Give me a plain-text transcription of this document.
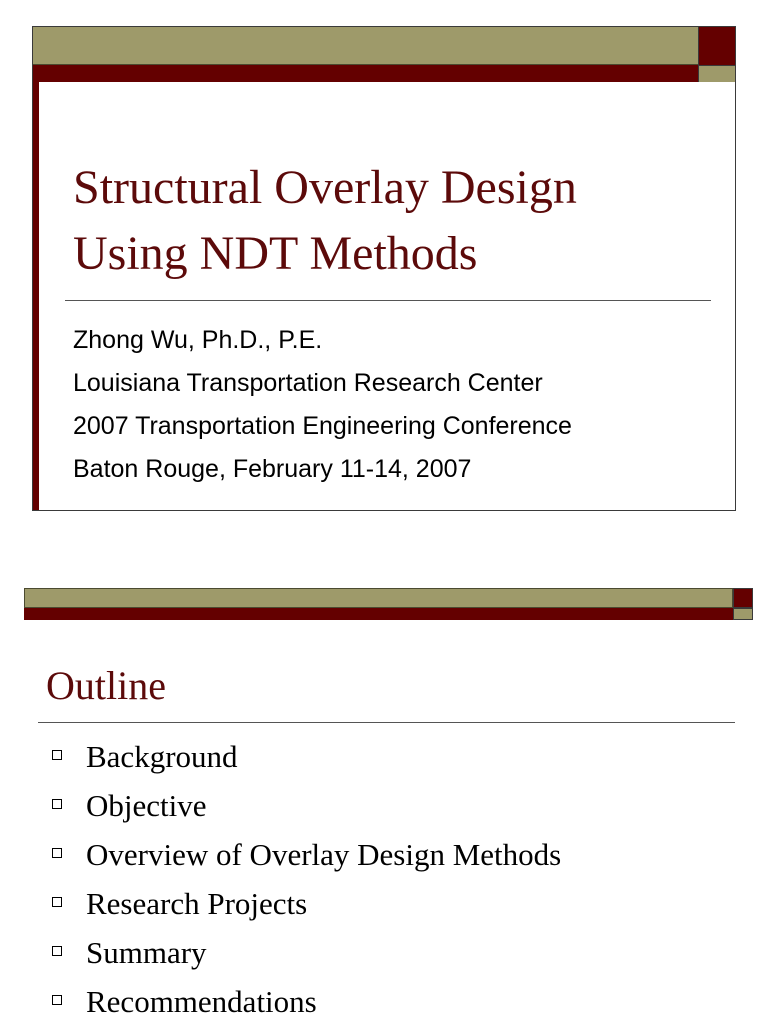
Structural Overlay Design
Using NDT Methods
Zhong Wu, Ph.D., P.E.
Louisiana Transportation Research Center
2007 Transportation Engineering Conference
Baton Rouge, February 11-14, 2007
Outline
Background
Objective
Overview of Overlay Design Methods
Research Projects
Summary
Recommendations
